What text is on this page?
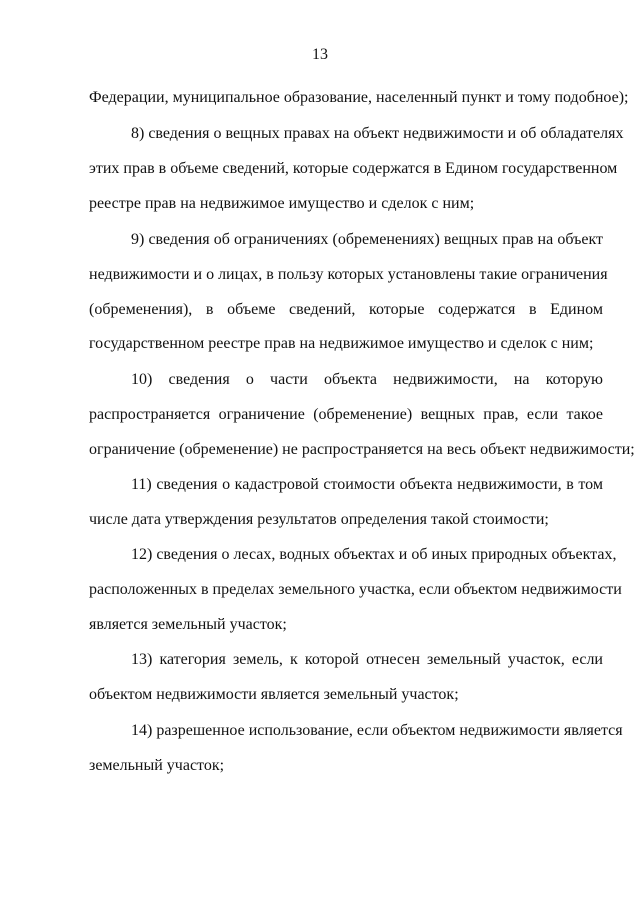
13

Федерации, муниципальное образование, населенный пункт и тому подобное);

8) сведения о вещных правах на объект недвижимости и об обладателях

этих прав в объеме сведений, которые содержатся в Едином государственном

реестре прав на недвижимое имущество и сделок с ним;

9) сведения об ограничениях (обременениях) вещных прав на объект

недвижимости и о лицах, в пользу которых установлены такие ограничения

(обременения), в объеме сведений, которые содержатся в Едином

государственном реестре прав на недвижимое имущество и сделок с ним;

10) сведения о части объекта недвижимости, на которую

распространяется ограничение (обременение) вещных прав, если такое

ограничение (обременение) не распространяется на весь объект недвижимости;

11) сведения о кадастровой стоимости объекта недвижимости, в том

числе дата утверждения результатов определения такой стоимости;

12) сведения о лесах, водных объектах и об иных природных объектах,

расположенных в пределах земельного участка, если объектом недвижимости

является земельный участок;

13) категория земель, к которой отнесен земельный участок, если

объектом недвижимости является земельный участок;

14) разрешенное использование, если объектом недвижимости является

земельный участок;
